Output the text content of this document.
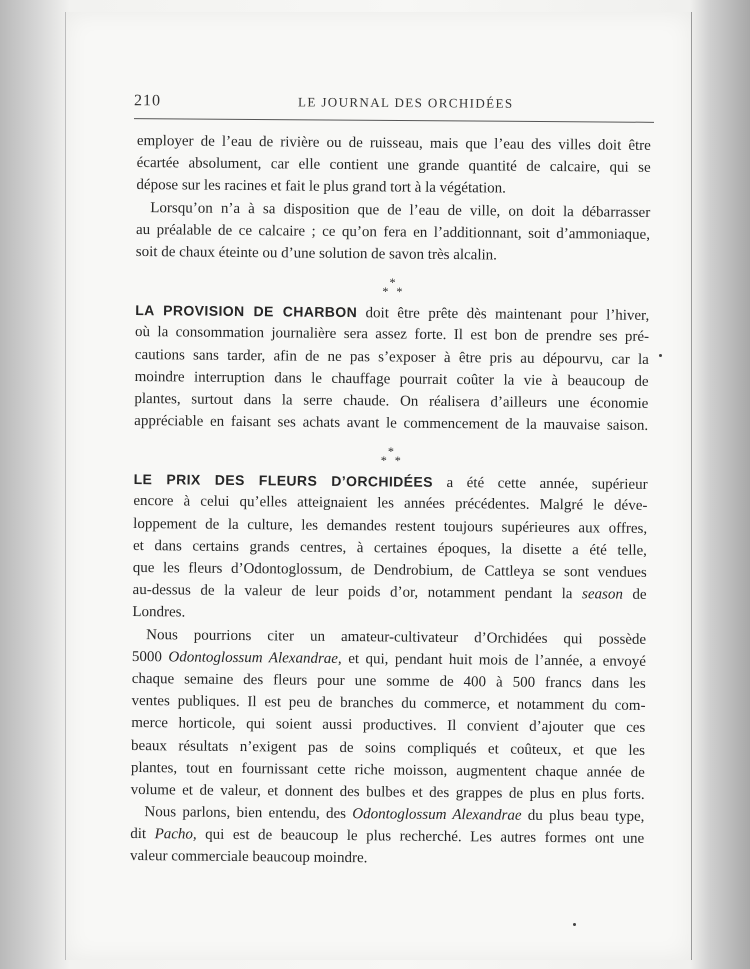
210	LE JOURNAL DES ORCHIDÉES
employer de l’eau de rivière ou de ruisseau, mais que l’eau des villes doit être
écartée absolument, car elle contient une grande quantité de calcaire, qui se
dépose sur les racines et fait le plus grand tort à la végétation.
Lorsqu’on n’a à sa disposition que de l’eau de ville, on doit la débarrasser
au préalable de ce calcaire ; ce qu’on fera en l’additionnant, soit d’ammoniaque,
soit de chaux éteinte ou d’une solution de savon très alcalin.
*
* *
LA PROVISION DE CHARBON doit être prête dès maintenant pour l’hiver,
où la consommation journalière sera assez forte. Il est bon de prendre ses pré-
cautions sans tarder, afin de ne pas s’exposer à être pris au dépourvu, car la
moindre interruption dans le chauffage pourrait coûter la vie à beaucoup de
plantes, surtout dans la serre chaude. On réalisera d’ailleurs une économie
appréciable en faisant ses achats avant le commencement de la mauvaise saison.
*
* *
LE PRIX DES FLEURS D’ORCHIDÉES a été cette année, supérieur
encore à celui qu’elles atteignaient les années précédentes. Malgré le déve-
loppement de la culture, les demandes restent toujours supérieures aux offres,
et dans certains grands centres, à certaines époques, la disette a été telle,
que les fleurs d’Odontoglossum, de Dendrobium, de Cattleya se sont vendues
au-dessus de la valeur de leur poids d’or, notamment pendant la season de
Londres.
Nous pourrions citer un amateur-cultivateur d’Orchidées qui possède
5000 Odontoglossum Alexandrae, et qui, pendant huit mois de l’année, a envoyé
chaque semaine des fleurs pour une somme de 400 à 500 francs dans les
ventes publiques. Il est peu de branches du commerce, et notamment du com-
merce horticole, qui soient aussi productives. Il convient d’ajouter que ces
beaux résultats n’exigent pas de soins compliqués et coûteux, et que les
plantes, tout en fournissant cette riche moisson, augmentent chaque année de
volume et de valeur, et donnent des bulbes et des grappes de plus en plus forts.
Nous parlons, bien entendu, des Odontoglossum Alexandrae du plus beau type,
dit Pacho, qui est de beaucoup le plus recherché. Les autres formes ont une
valeur commerciale beaucoup moindre.
